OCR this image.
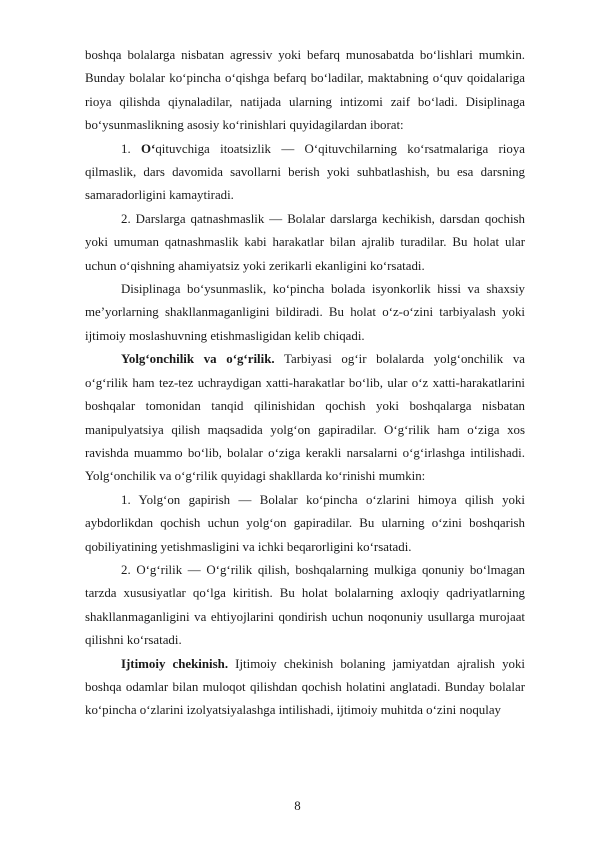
boshqa bolalarga nisbatan agressiv yoki befarq munosabatda bo‘lishlari mumkin. Bunday bolalar ko‘pincha o‘qishga befarq bo‘ladilar, maktabning o‘quv qoidalariga rioya qilishda qiynaladilar, natijada ularning intizomi zaif bo‘ladi. Disiplinaga bo‘ysunmaslikning asosiy ko‘rinishlari quyidagilardan iborat:

1. O‘qituvchiga itoatsizlik — O‘qituvchilarning ko‘rsatmalariga rioya qilmaslik, dars davomida savollarni berish yoki suhbatlashish, bu esa darsning samaradorligini kamaytiradi.

2. Darslarga qatnashmaslik — Bolalar darslarga kechikish, darsdan qochish yoki umuman qatnashmaslik kabi harakatlar bilan ajralib turadilar. Bu holat ular uchun o‘qishning ahamiyatsiz yoki zerikarli ekanligini ko‘rsatadi.

Disiplinaga bo‘ysunmaslik, ko‘pincha bolada isyonkorlik hissi va shaxsiy me’yorlarning shakllanmaganligini bildiradi. Bu holat o‘z-o‘zini tarbiyalash yoki ijtimoiy moslashuvning etishmasligidan kelib chiqadi.

Yolg‘onchilik va o‘g‘rilik. Tarbiyasi og‘ir bolalarda yolg‘onchilik va o‘g‘rilik ham tez-tez uchraydigan xatti-harakatlar bo‘lib, ular o‘z xatti-harakatlarini boshqalar tomonidan tanqid qilinishidan qochish yoki boshqalarga nisbatan manipulyatsiya qilish maqsadida yolg‘on gapiradilar. O‘g‘rilik ham o‘ziga xos ravishda muammo bo‘lib, bolalar o‘ziga kerakli narsalarni o‘g‘irlashga intilishadi. Yolg‘onchilik va o‘g‘rilik quyidagi shakllarda ko‘rinishi mumkin:

1. Yolg‘on gapirish — Bolalar ko‘pincha o‘zlarini himoya qilish yoki aybdorlikdan qochish uchun yolg‘on gapiradilar. Bu ularning o‘zini boshqarish qobiliyatining yetishmasligini va ichki beqarorligini ko‘rsatadi.

2. O‘g‘rilik — O‘g‘rilik qilish, boshqalarning mulkiga qonuniy bo‘lmagan tarzda xususiyatlar qo‘lga kiritish. Bu holat bolalarning axloqiy qadriyatlarning shakllanmaganligini va ehtiyojlarini qondirish uchun noqonuniy usullarga murojaat qilishni ko‘rsatadi.

Ijtimoiy chekinish. Ijtimoiy chekinish bolaning jamiyatdan ajralish yoki boshqa odamlar bilan muloqot qilishdan qochish holatini anglatadi. Bunday bolalar ko‘pincha o‘zlarini izolyatsiyalashga intilishadi, ijtimoiy muhitda o‘zini noqulay

8
